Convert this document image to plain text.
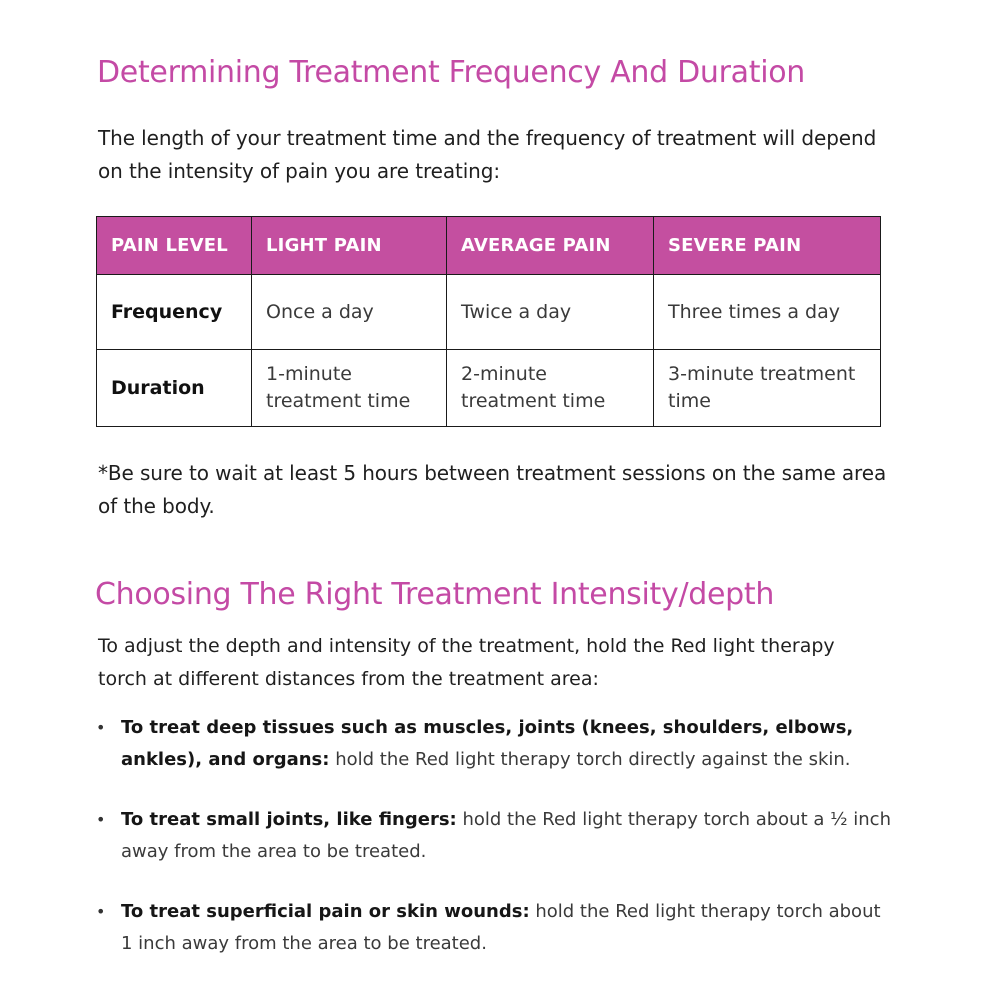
Determining Treatment Frequency And Duration

The length of your treatment time and the frequency of treatment will depend on the intensity of pain you are treating:

PAIN LEVEL	LIGHT PAIN	AVERAGE PAIN	SEVERE PAIN
Frequency	Once a day	Twice a day	Three times a day
Duration	1-minute treatment time	2-minute treatment time	3-minute treatment time

*Be sure to wait at least 5 hours between treatment sessions on the same area of the body.

Choosing The Right Treatment Intensity/depth

To adjust the depth and intensity of the treatment, hold the Red light therapy torch at different distances from the treatment area:

• To treat deep tissues such as muscles, joints (knees, shoulders, elbows, ankles), and organs: hold the Red light therapy torch directly against the skin.
• To treat small joints, like fingers: hold the Red light therapy torch about a ½ inch away from the area to be treated.
• To treat superficial pain or skin wounds: hold the Red light therapy torch about 1 inch away from the area to be treated.
